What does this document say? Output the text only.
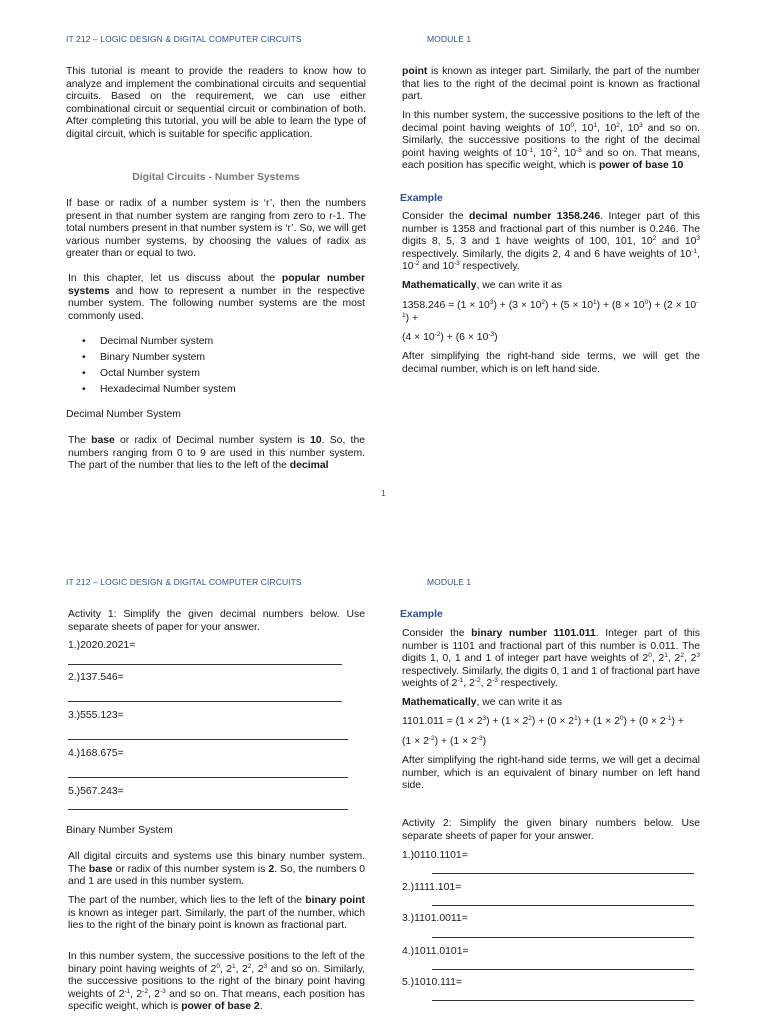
IT 212 – LOGIC DESIGN & DIGITAL COMPUTER CIRCUITS	MODULE 1
This tutorial is meant to provide the readers to know how to analyze and implement the combinational circuits and sequential circuits. Based on the requirement, we can use either combinational circuit or sequential circuit or combination of both. After completing this tutorial, you will be able to learn the type of digital circuit, which is suitable for specific application.
Digital Circuits - Number Systems
If base or radix of a number system is ‘r’, then the numbers present in that number system are ranging from zero to r-1. The total numbers present in that number system is ‘r’. So, we will get various number systems, by choosing the values of radix as greater than or equal to two.
In this chapter, let us discuss about the popular number systems and how to represent a number in the respective number system. The following number systems are the most commonly used.
• Decimal Number system
• Binary Number system
• Octal Number system
• Hexadecimal Number system
Decimal Number System
The base or radix of Decimal number system is 10. So, the numbers ranging from 0 to 9 are used in this number system. The part of the number that lies to the left of the decimal
point is known as integer part. Similarly, the part of the number that lies to the right of the decimal point is known as fractional part.
In this number system, the successive positions to the left of the decimal point having weights of $10^0$, $10^1$, $10^2$, $10^3$ and so on. Similarly, the successive positions to the right of the decimal point having weights of $10^{-1}$, $10^{-2}$, $10^{-3}$ and so on. That means, each position has specific weight, which is power of base 10
Example
Consider the decimal number 1358.246. Integer part of this number is 1358 and fractional part of this number is 0.246. The digits 8, 5, 3 and 1 have weights of 100, 101, $10^2$ and $10^3$ respectively. Similarly, the digits 2, 4 and 6 have weights of $10^{-1}$, $10^{-2}$ and $10^{-3}$ respectively.
Mathematically, we can write it as
$1358.246 = (1 \times 10^3) + (3 \times 10^2) + (5 \times 10^1) + (8 \times 10^0) + (2 \times 10^{-1})$ +
$(4 \times 10^{-2}) + (6 \times 10^{-3})$
After simplifying the right-hand side terms, we will get the decimal number, which is on left hand side.
1
IT 212 – LOGIC DESIGN & DIGITAL COMPUTER CIRCUITS	MODULE 1
Activity 1: Simplify the given decimal numbers below. Use separate sheets of paper for your answer.
1.)2020.2021=
2.)137.546=
3.)555.123=
4.)168.675=
5.)567.243=
Binary Number System
All digital circuits and systems use this binary number system. The base or radix of this number system is 2. So, the numbers 0 and 1 are used in this number system.
The part of the number, which lies to the left of the binary point is known as integer part. Similarly, the part of the number, which lies to the right of the binary point is known as fractional part.
In this number system, the successive positions to the left of the binary point having weights of $2^0$, $2^1$, $2^2$, $2^3$ and so on. Similarly, the successive positions to the right of the binary point having weights of $2^{-1}$, $2^{-2}$, $2^{-3}$ and so on. That means, each position has specific weight, which is power of base 2.
Example
Consider the binary number 1101.011. Integer part of this number is 1101 and fractional part of this number is 0.011. The digits 1, 0, 1 and 1 of integer part have weights of $2^0$, $2^1$, $2^2$, $2^3$ respectively. Similarly, the digits 0, 1 and 1 of fractional part have weights of $2^{-1}$, $2^{-2}$, $2^{-3}$ respectively.
Mathematically, we can write it as
$1101.011 = (1 \times 2^3) + (1 \times 2^2) + (0 \times 2^1) + (1 \times 2^0) + (0 \times 2^{-1})$ +
$(1 \times 2^{-2}) + (1 \times 2^{-3})$
After simplifying the right-hand side terms, we will get a decimal number, which is an equivalent of binary number on left hand side.
Activity 2: Simplify the given binary numbers below. Use separate sheets of paper for your answer.
1.)0110.1101=
2.)1111.101=
3.)1101.0011=
4.)1011.0101=
5.)1010.111=
